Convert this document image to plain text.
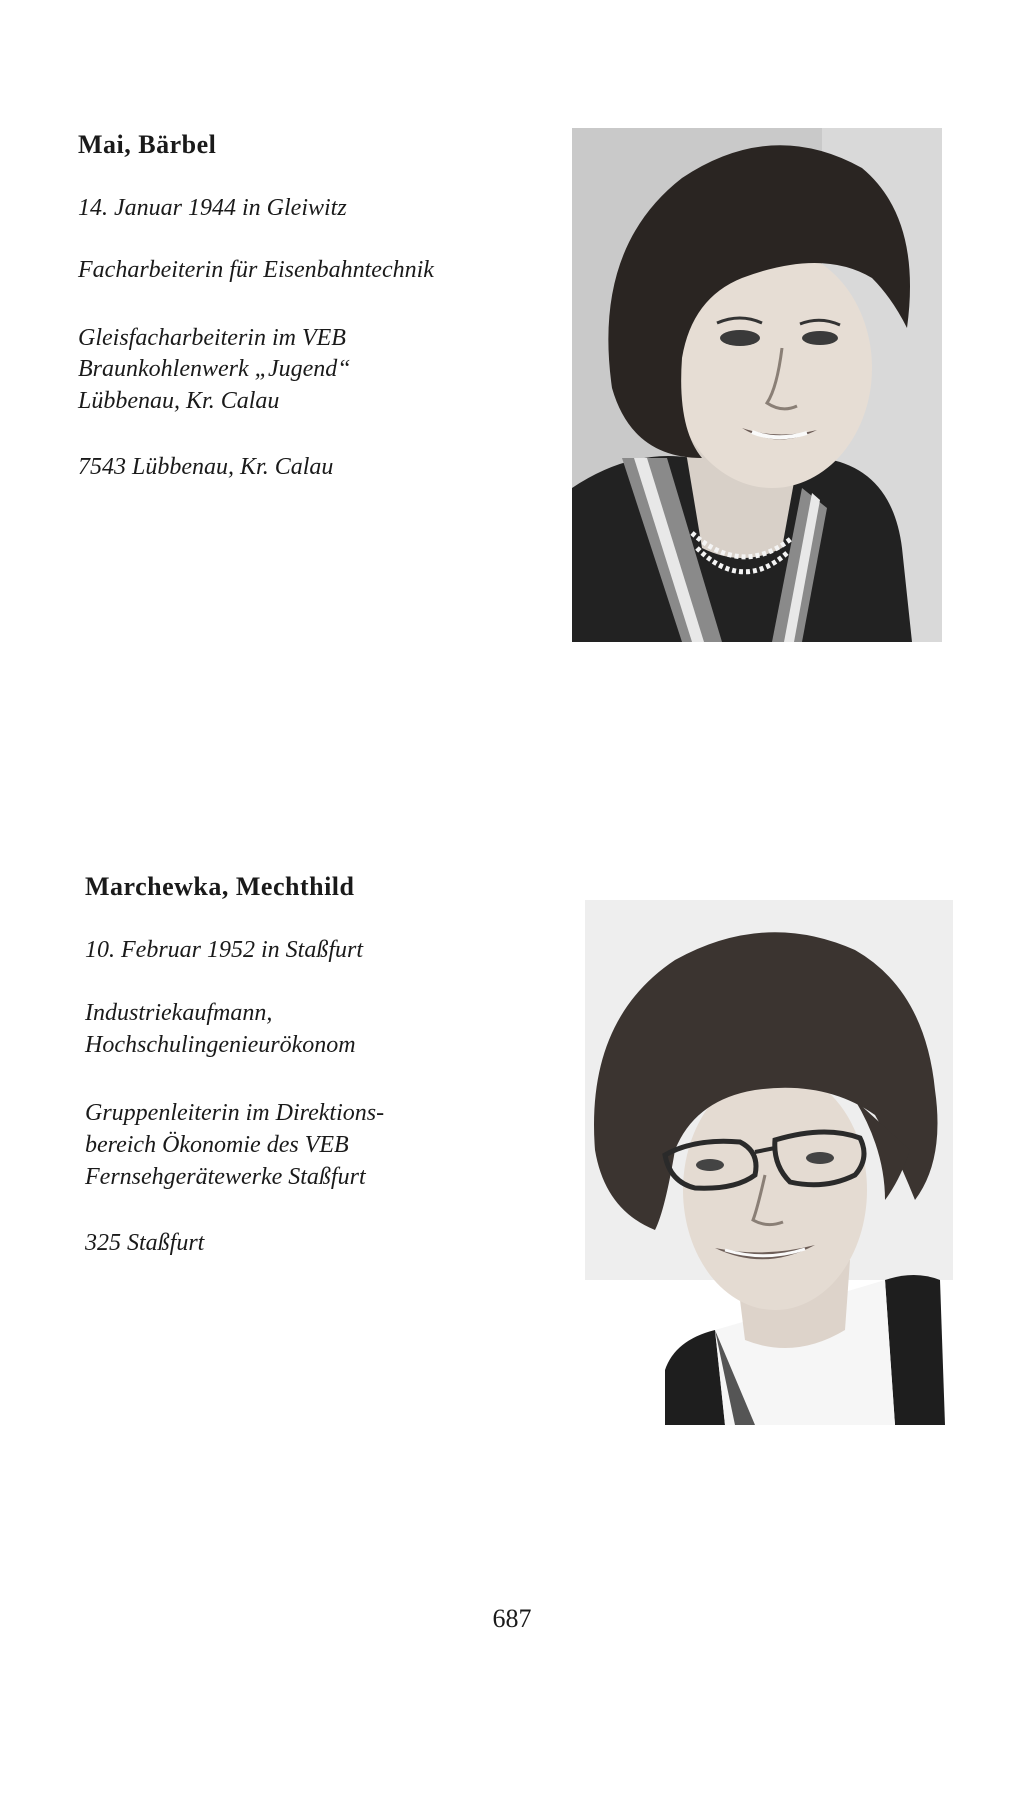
Mai, Bärbel

14. Januar 1944 in Gleiwitz

Facharbeiterin für Eisenbahntechnik

Gleisfacharbeiterin im VEB

Braunkohlenwerk „Jugend“

Lübbenau, Kr. Calau

7543 Lübbenau, Kr. Calau

Marchewka, Mechthild

10. Februar 1952 in Staßfurt

Industriekaufmann,

Hochschulingenieurökonom

Gruppenleiterin im Direktions-

bereich Ökonomie des VEB

Fernsehgerätewerke Staßfurt

325 Staßfurt

687
